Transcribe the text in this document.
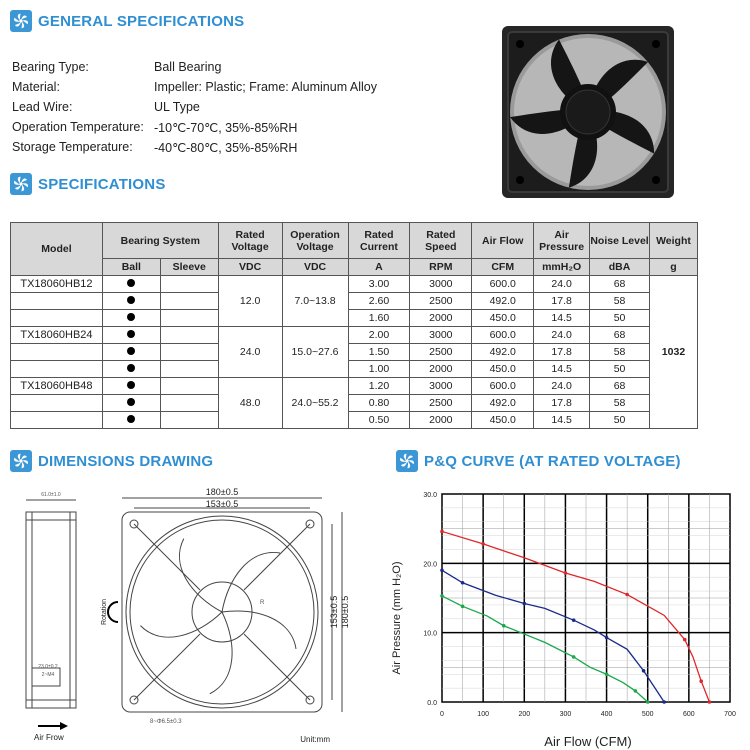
GENERAL SPECIFICATIONS
Bearing Type:	Ball Bearing
Material:	Impeller: Plastic; Frame: Aluminum Alloy
Lead Wire:	UL Type
Operation Temperature: -10℃-70℃, 35%-85%RH
Storage Temperature:	-40℃-80℃, 35%-85%RH
SPECIFICATIONS
Model	Bearing System		Rated Voltage	Operation Voltage	Rated Current	Rated Speed	Air Flow	Air Pressure	Noise Level	Weight
	Ball	Sleeve	VDC	VDC	A	RPM	CFM	mmH₂O	dBA	g
TX18060HB12			12.0	7.0~13.8	3.00	3000	600.0	24.0	68	1032
					2.60	2500	492.0	17.8	58	
					1.60	2000	450.0	14.5	50	
TX18060HB24			24.0	15.0~27.6	2.00	3000	600.0	24.0	68	
					1.50	2500	492.0	17.8	58	
					1.00	2000	450.0	14.5	50	
TX18060HB48			48.0	24.0~55.2	1.20	3000	600.0	24.0	68	
					0.80	2500	492.0	17.8	58	
					0.50	2000	450.0	14.5	50	
DIMENSIONS DRAWING	P&Q CURVE (AT RATED VOLTAGE)
61.0±1.0
23.0±0.2
2~M4
Air Frow
180±0.5
153±0.5
153±0.5 180±0.5
R
8~Φ6.5±0.3
Rotation
Unit:mm
0	100	200	300	400	500	600	700
0.0
10.0
20.0
30.0
Air Pressure (mm H₂O)
Air Flow (CFM)
